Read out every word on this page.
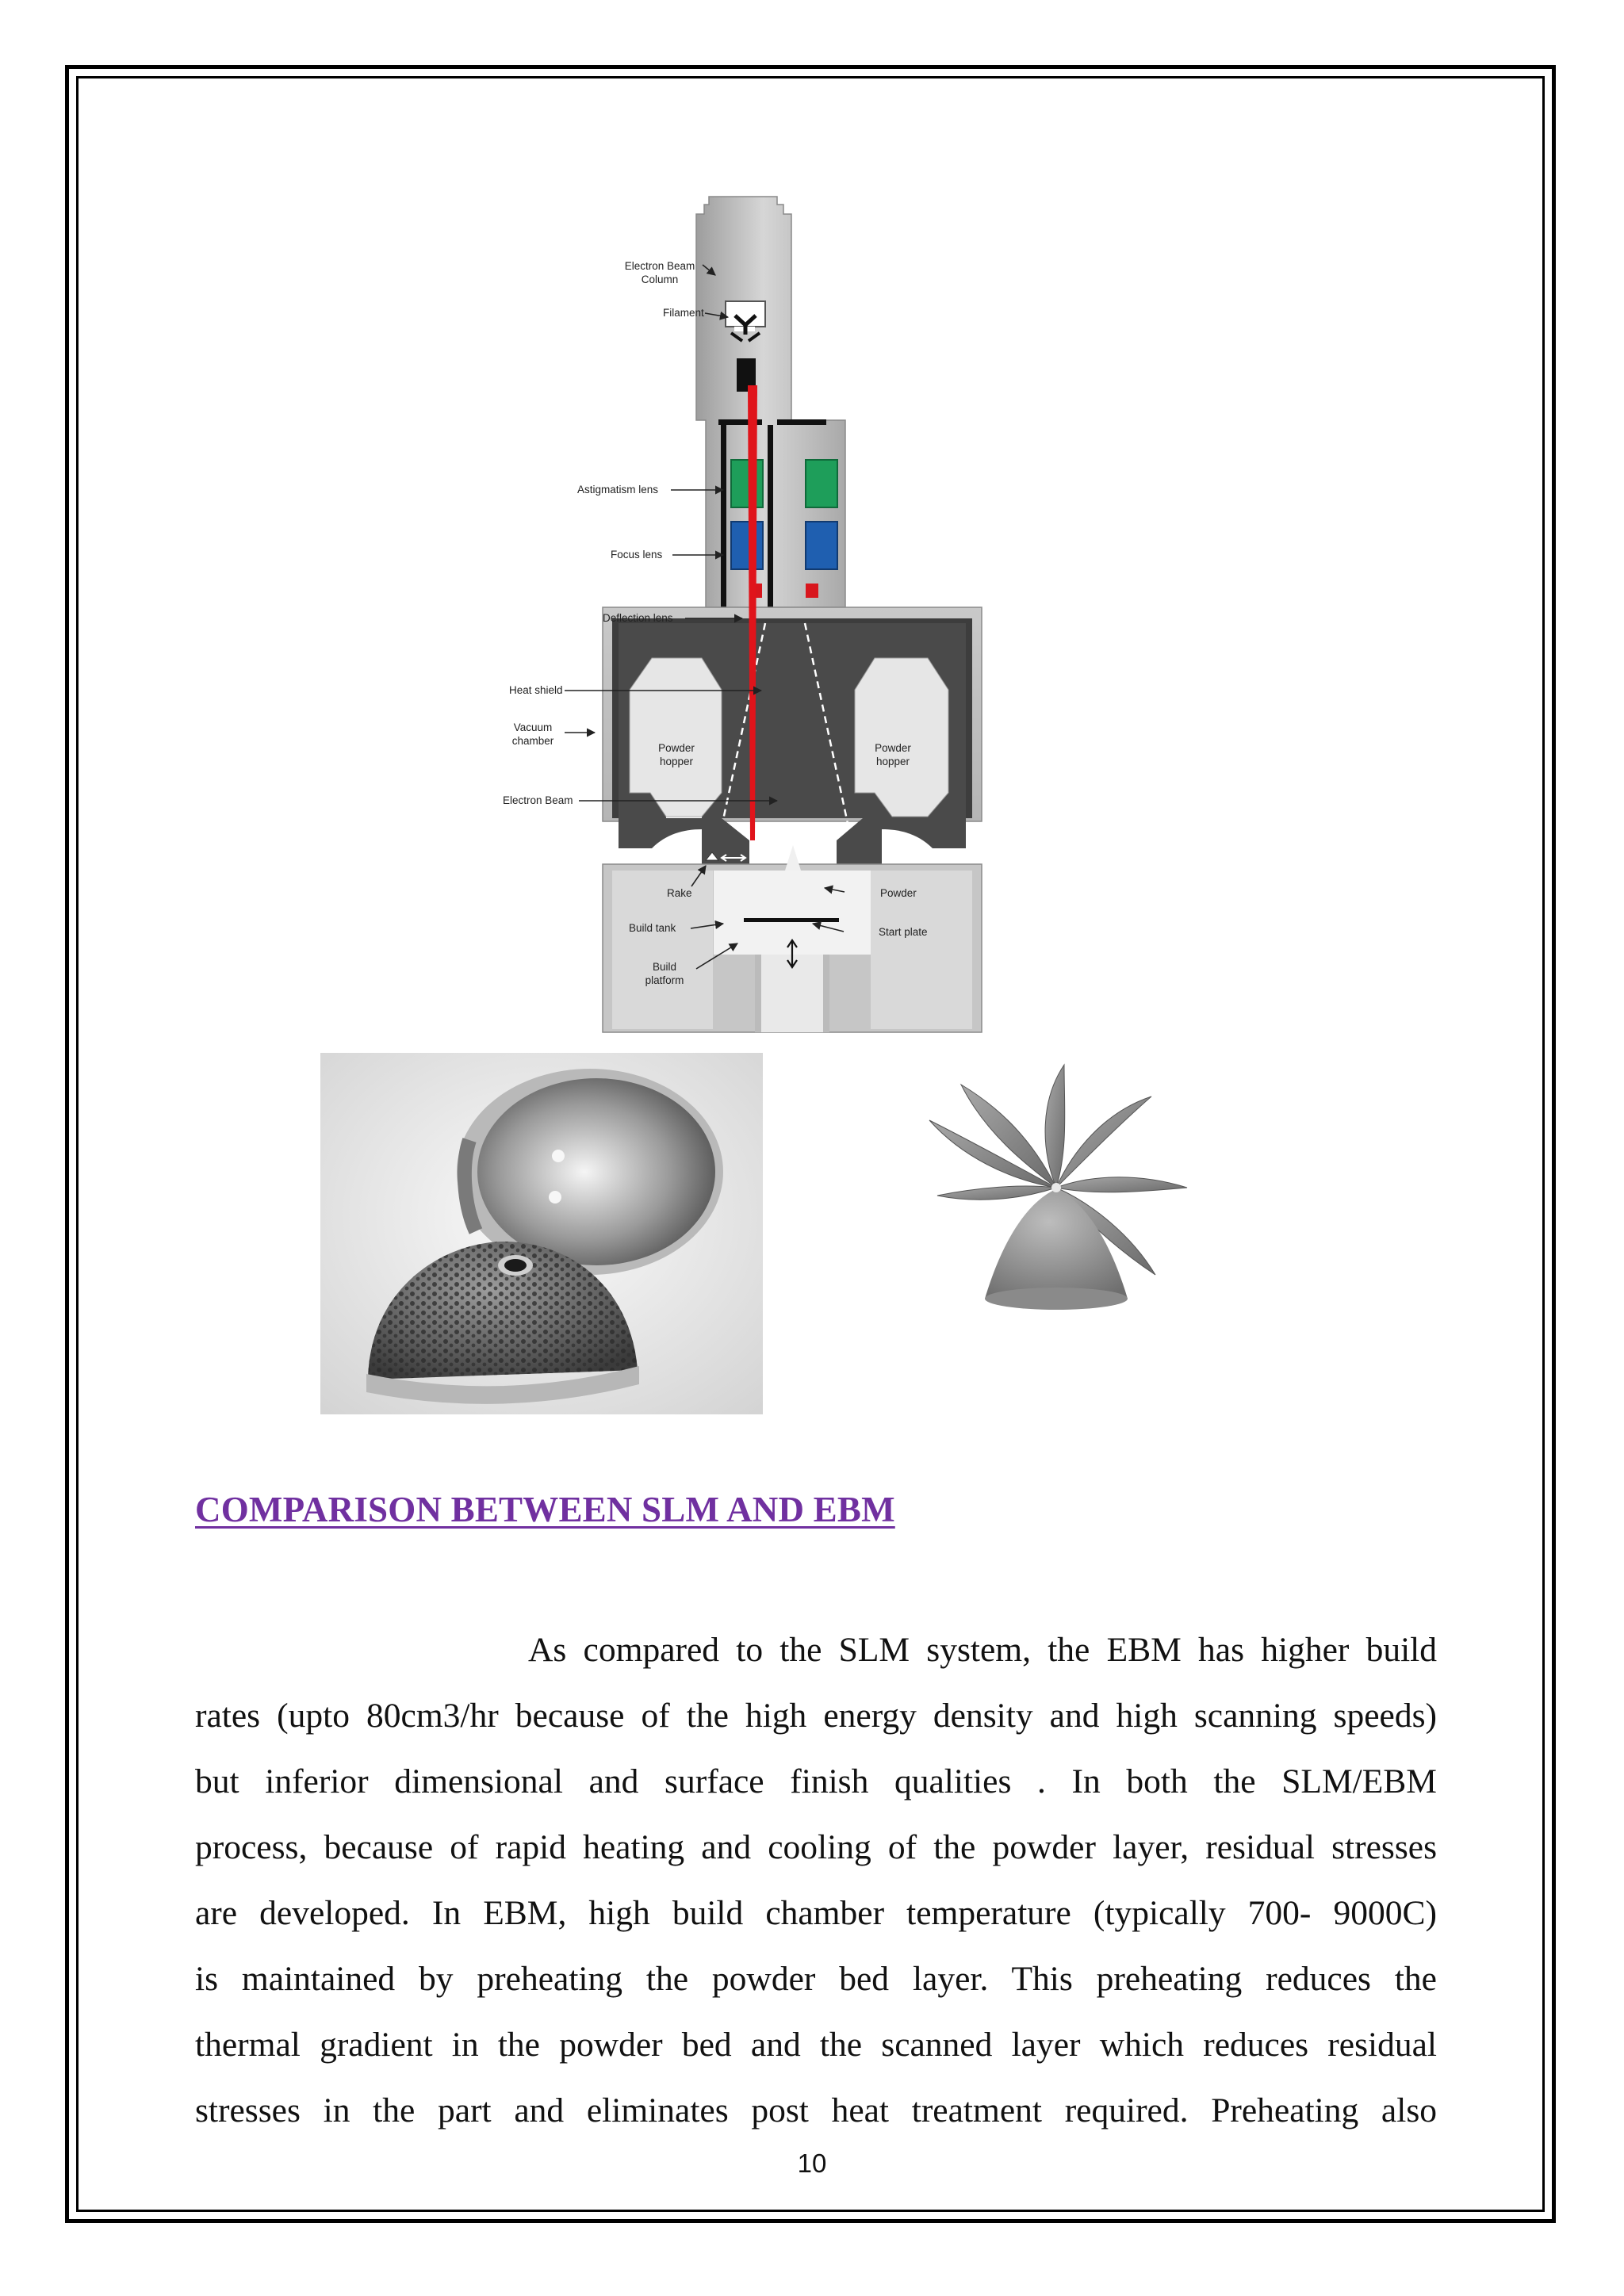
Electron Beam
Column
Filament
Astigmatism lens
Focus lens
Deflection lens
Heat shield
Vacuum
chamber
Electron Beam
Powder
hopper
Powder
hopper
Rake	Powder
Build tank	Start plate
Build
platform
COMPARISON BETWEEN SLM AND EBM
As compared to the SLM system, the EBM has higher build
rates (upto 80cm3/hr because of the high energy density and high scanning speeds)
but inferior dimensional and surface finish qualities . In both the SLM/EBM
process, because of rapid heating and cooling of the powder layer, residual stresses
are developed. In EBM, high build chamber temperature (typically 700- 9000C)
is maintained by preheating the powder bed layer. This preheating reduces the
thermal gradient in the powder bed and the scanned layer which reduces residual
stresses in the part and eliminates post heat treatment required. Preheating also
10
